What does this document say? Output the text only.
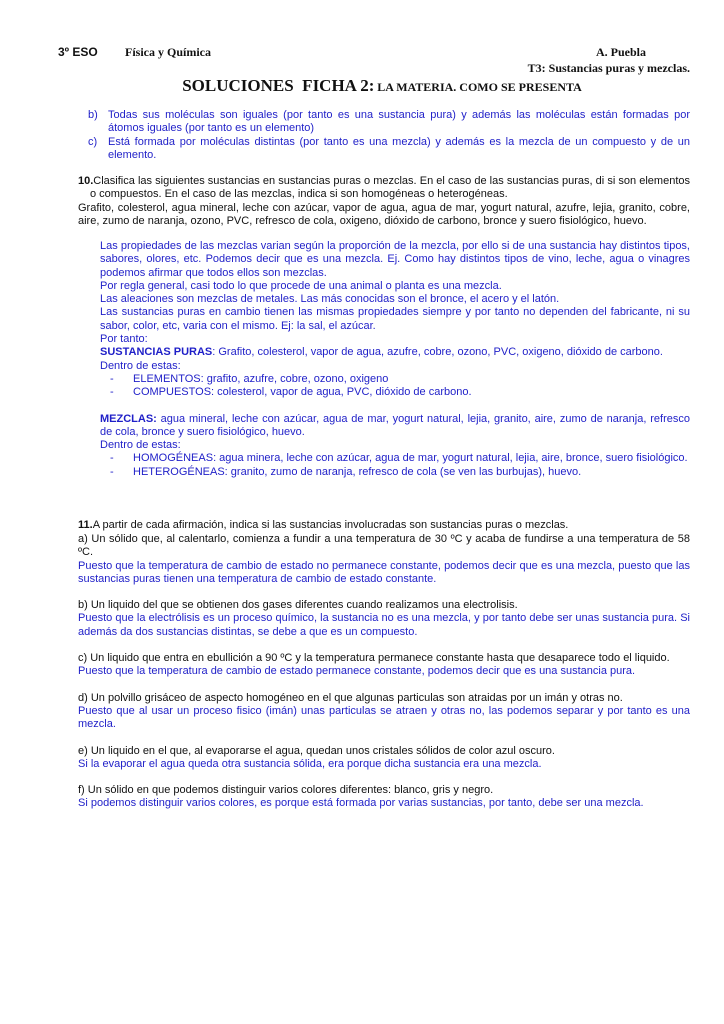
3º ESO Física y Química	A. Puebla
T3: Sustancias puras y mezclas.
SOLUCIONES  FICHA 2: LA MATERIA. COMO SE PRESENTA
b) Todas sus moléculas son iguales (por tanto es una sustancia pura) y además las moléculas están formadas por átomos iguales (por tanto es un elemento)
c) Está formada por moléculas distintas (por tanto es una mezcla) y además es la mezcla de un compuesto y de un elemento.
10.Clasifica las siguientes sustancias en sustancias puras o mezclas. En el caso de las sustancias puras, di si son elementos o compuestos. En el caso de las mezclas, indica si son homogéneas o heterogéneas.
Grafito, colesterol, agua mineral, leche con azúcar, vapor de agua, agua de mar, yogurt natural, azufre, lejia, granito, cobre, aire, zumo de naranja, ozono, PVC, refresco de cola, oxigeno, dióxido de carbono, bronce y suero fisiológico, huevo.
Las propiedades de las mezclas varian según la proporción de la mezcla, por ello si de una sustancia hay distintos tipos, sabores, olores, etc. Podemos decir que es una mezcla. Ej. Como hay distintos tipos de vino, leche, agua o vinagres podemos afirmar que todos ellos son mezclas.
Por regla general, casi todo lo que procede de una animal o planta es una mezcla.
Las aleaciones son mezclas de metales. Las más conocidas son el bronce, el acero y el latón.
Las sustancias puras en cambio tienen las mismas propiedades siempre y por tanto no dependen del fabricante, ni su sabor, color, etc, varia con el mismo. Ej: la sal, el azúcar.
Por tanto:
SUSTANCIAS PURAS: Grafito, colesterol, vapor de agua, azufre, cobre, ozono, PVC, oxigeno, dióxido de carbono.
Dentro de estas:
- ELEMENTOS: grafito, azufre, cobre, ozono, oxigeno
- COMPUESTOS: colesterol, vapor de agua, PVC, dióxido de carbono.
MEZCLAS: agua mineral, leche con azúcar, agua de mar, yogurt natural, lejia, granito, aire, zumo de naranja, refresco de cola, bronce y suero fisiológico, huevo.
Dentro de estas:
- HOMOGÉNEAS: agua minera, leche con azúcar, agua de mar, yogurt natural, lejia, aire, bronce, suero fisiológico.
- HETEROGÉNEAS: granito, zumo de naranja, refresco de cola (se ven las burbujas), huevo.
11.A partir de cada afirmación, indica si las sustancias involucradas son sustancias puras o mezclas.
a) Un sólido que, al calentarlo, comienza a fundir a una temperatura de 30 ºC y acaba de fundirse a una temperatura de 58 ºC.
Puesto que la temperatura de cambio de estado no permanece constante, podemos decir que es una mezcla, puesto que las sustancias puras tienen una temperatura de cambio de estado constante.
b) Un liquido del que se obtienen dos gases diferentes cuando realizamos una electrolisis.
Puesto que la electrólisis es un proceso químico, la sustancia no es una mezcla, y por tanto debe ser unas sustancia pura. Si además da dos sustancias distintas, se debe a que es un compuesto.
c) Un liquido que entra en ebullición a 90 ºC y la temperatura permanece constante hasta que desaparece todo el liquido.
Puesto que la temperatura de cambio de estado permanece constante, podemos decir que es una sustancia pura.
d) Un polvillo grisáceo de aspecto homogéneo en el que algunas particulas son atraidas por un imán y otras no.
Puesto que al usar un proceso fisico (imán) unas particulas se atraen y otras no, las podemos separar y por tanto es una mezcla.
e) Un liquido en el que, al evaporarse el agua, quedan unos cristales sólidos de color azul oscuro.
Si la evaporar el agua queda otra sustancia sólida, era porque dicha sustancia era una mezcla.
f) Un sólido en que podemos distinguir varios colores diferentes: blanco, gris y negro.
Si podemos distinguir varios colores, es porque está formada por varias sustancias, por tanto, debe ser una mezcla.
